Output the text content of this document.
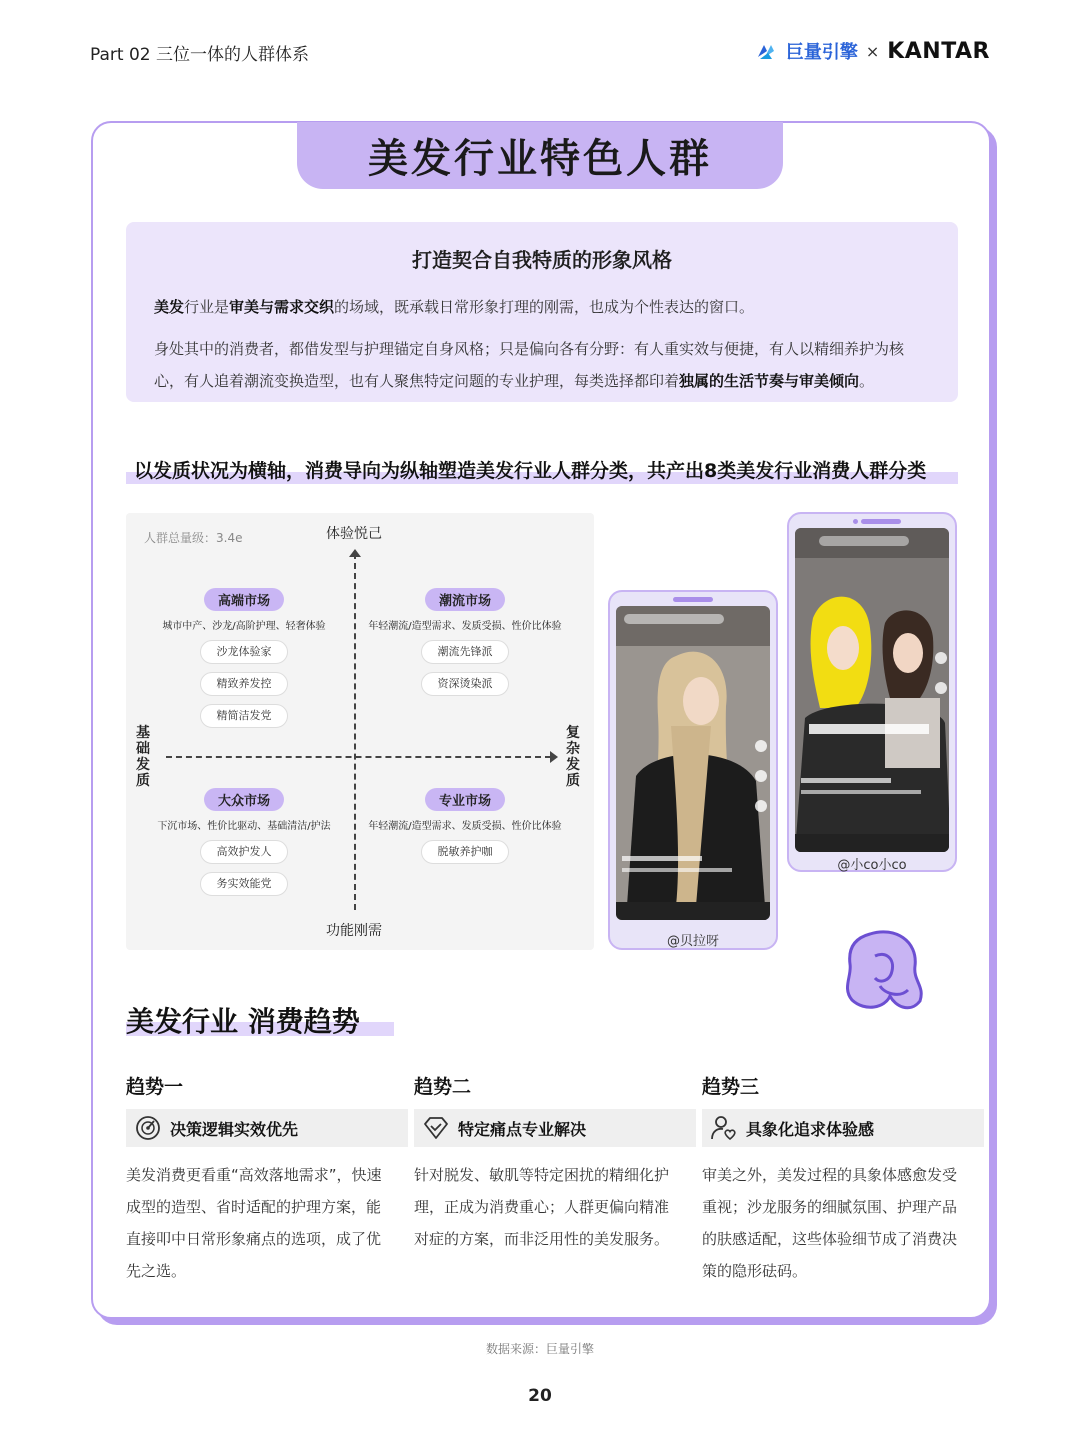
Part 02 三位一体的人群体系	巨量引擎 × KANTAR
美发行业特色人群
打造契合自我特质的形象风格

美发行业是审美与需求交织的场域，既承载日常形象打理的刚需，也成为个性表达的窗口。

身处其中的消费者，都借发型与护理锚定自身风格；只是偏向各有分野：有人重实效与便捷，有人以精细养护为核心，有人追着潮流变换造型，也有人聚焦特定问题的专业护理，每类选择都印着独属的生活节奏与审美倾向。

以发质状况为横轴，消费导向为纵轴塑造美发行业人群分类，共产出8类美发行业消费人群分类
人群总量级：3.4e	体验悦己
功能刚需
基础发质
复杂发质
高端市场
城市中产、沙龙/高阶护理、轻奢体验
沙龙体验家
精致养发控
精简洁发党
潮流市场
年轻潮流/造型需求、发质受损、性价比体验
潮流先锋派
资深烫染派
大众市场
下沉市场、性价比驱动、基础清洁/护法
高效护发人
务实效能党
专业市场
年轻潮流/造型需求、发质受损、性价比体验
脱敏养护咖
@贝拉呀
@小co小co
美发行业 消费趋势
趋势一
决策逻辑实效优先
美发消费更看重“高效落地需求”，快速成型的造型、省时适配的护理方案，能直接叩中日常形象痛点的选项，成了优先之选。
趋势二
特定痛点专业解决
针对脱发、敏肌等特定困扰的精细化护理，正成为消费重心；人群更偏向精准对症的方案，而非泛用性的美发服务。
趋势三
具象化追求体验感
审美之外，美发过程的具象体感愈发受重视；沙龙服务的细腻氛围、护理产品的肤感适配，这些体验细节成了消费决策的隐形砝码。
数据来源：巨量引擎
20
